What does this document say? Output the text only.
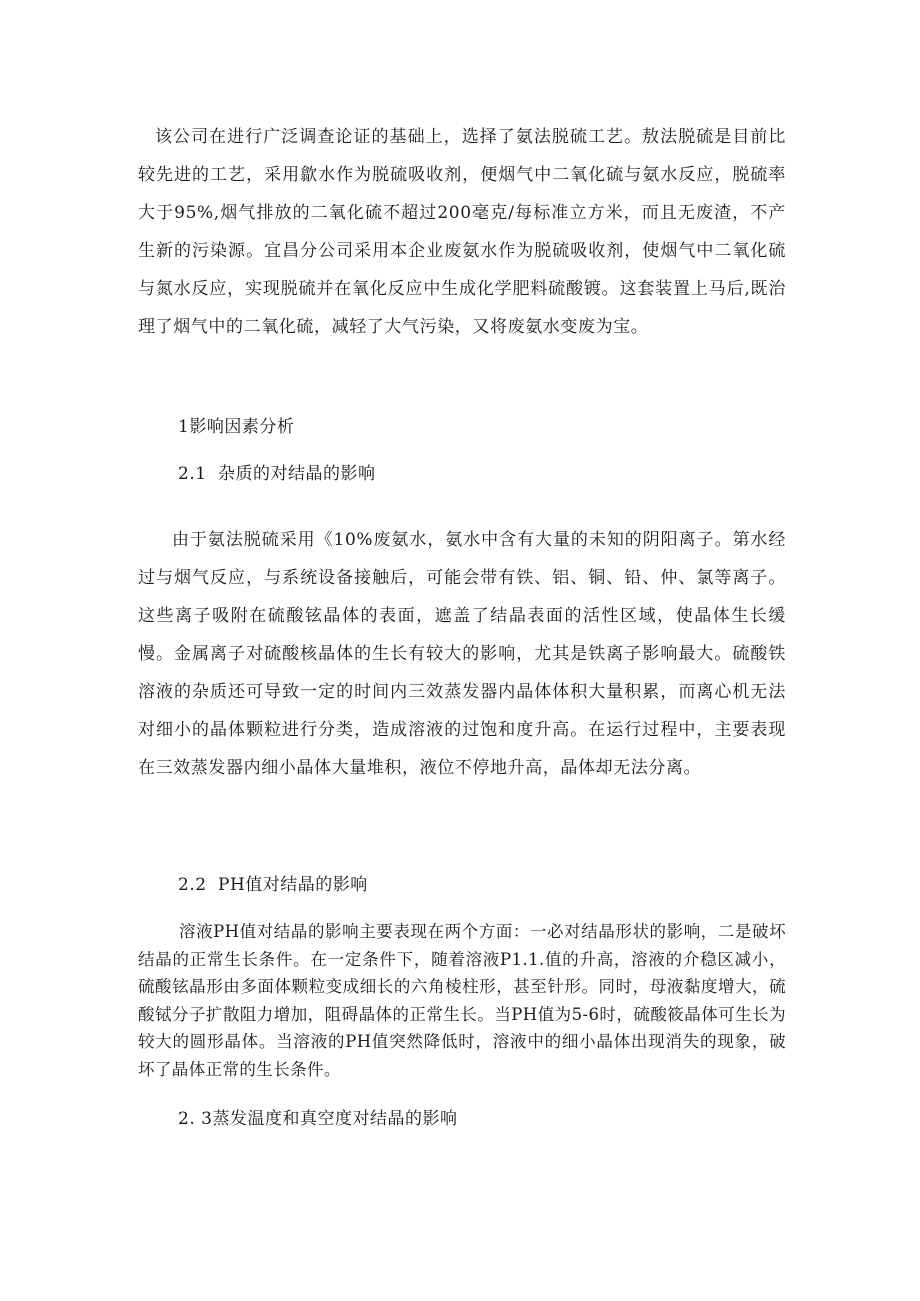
该公司在进行广泛调查论证的基础上，选择了氨法脱硫工艺。敖法脱硫是目前比较先进的工艺，采用歙水作为脱硫吸收剂，便烟气中二氧化硫与氨水反应，脱硫率大于95%,烟气排放的二氧化硫不超过200毫克/每标准立方米，而且无废渣，不产生新的污染源。宜昌分公司采用本企业废氨水作为脱硫吸收剂，使烟气中二氧化硫与氮水反应，实现脱硫并在氧化反应中生成化学肥料硫酸镀。这套装置上马后,既治理了烟气中的二氧化硫，减轻了大气污染，又将废氨水变废为宝。

1影响因素分析
2.1 杂质的对结晶的影响

由于氨法脱硫采用《10%废氨水，氨水中含有大量的未知的阴阳离子。第水经过与烟气反应，与系统设备接触后，可能会带有铁、铝、铜、铅、仲、氯等离子。这些离子吸附在硫酸铉晶体的表面，遮盖了结晶表面的活性区域，使晶体生长缓慢。金属离子对硫酸核晶体的生长有较大的影响，尤其是铁离子影响最大。硫酸铁溶液的杂质还可导致一定的时间内三效蒸发器内晶体体积大量积累，而离心机无法对细小的晶体颗粒进行分类，造成溶液的过饱和度升高。在运行过程中，主要表现在三效蒸发器内细小晶体大量堆积，液位不停地升高，晶体却无法分离。

2.2 PH值对结晶的影响

溶液PH值对结晶的影响主要表现在两个方面：一必对结晶形状的影响，二是破坏结晶的正常生长条件。在一定条件下，随着溶液P1.1.值的升高，溶液的介稳区减小，硫酸铉晶形由多面体颗粒变成细长的六角棱柱形，甚至针形。同时，母液黏度增大，硫酸铽分子扩散阻力增加，阻碍晶体的正常生长。当PH值为5-6时，硫酸筱晶体可生长为较大的圆形晶体。当溶液的PH值突然降低时，溶液中的细小晶体出现消失的现象，破坏了晶体正常的生长条件。

2. 3蒸发温度和真空度对结晶的影响
